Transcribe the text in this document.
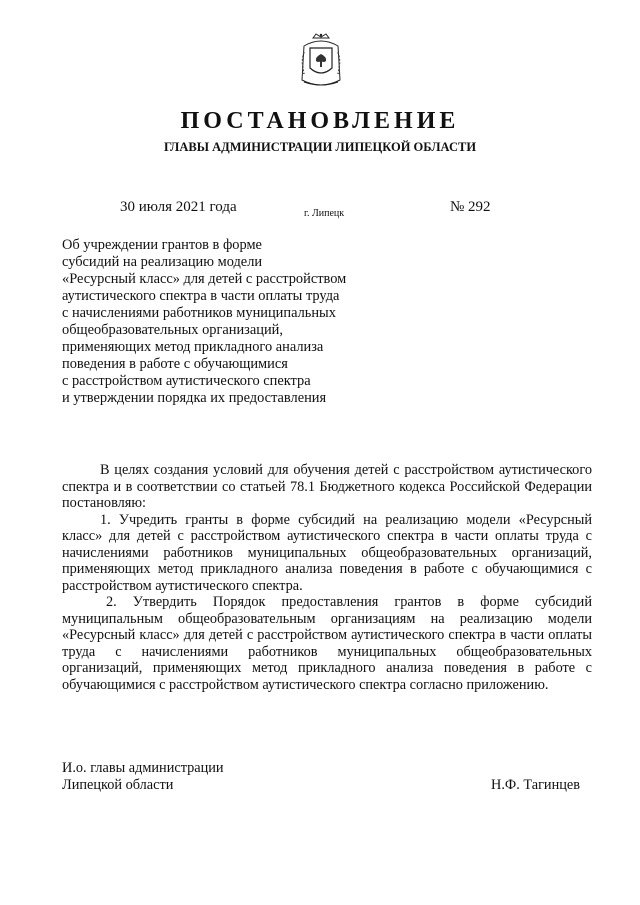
ПОСТАНОВЛЕНИЕ
ГЛАВЫ АДМИНИСТРАЦИИ ЛИПЕЦКОЙ ОБЛАСТИ
30 июля 2021 года	г. Липецк	№ 292
Об учреждении грантов в форме
субсидий на реализацию модели
«Ресурсный класс» для детей с расстройством
аутистического спектра в части оплаты труда
с начислениями работников муниципальных
общеобразовательных организаций,
применяющих метод прикладного анализа
поведения в работе с обучающимися
с расстройством аутистического спектра
и утверждении порядка их предоставления

В целях создания условий для обучения детей с расстройством аутистического спектра и в соответствии со статьей 78.1 Бюджетного кодекса Российской Федерации постановляю:

1. Учредить гранты в форме субсидий на реализацию модели «Ресурсный класс» для детей с расстройством аутистического спектра в части оплаты труда с начислениями работников муниципальных общеобразовательных организаций, применяющих метод прикладного анализа поведения в работе с обучающимися с расстройством аутистического спектра.

2. Утвердить Порядок предоставления грантов в форме субсидий муниципальным общеобразовательным организациям на реализацию модели «Ресурсный класс» для детей с расстройством аутистического спектра в части оплаты труда с начислениями работников муниципальных общеобразовательных организаций, применяющих метод прикладного анализа поведения в работе с обучающимися с расстройством аутистического спектра согласно приложению.

И.о. главы администрации
Липецкой области	Н.Ф. Тагинцев
